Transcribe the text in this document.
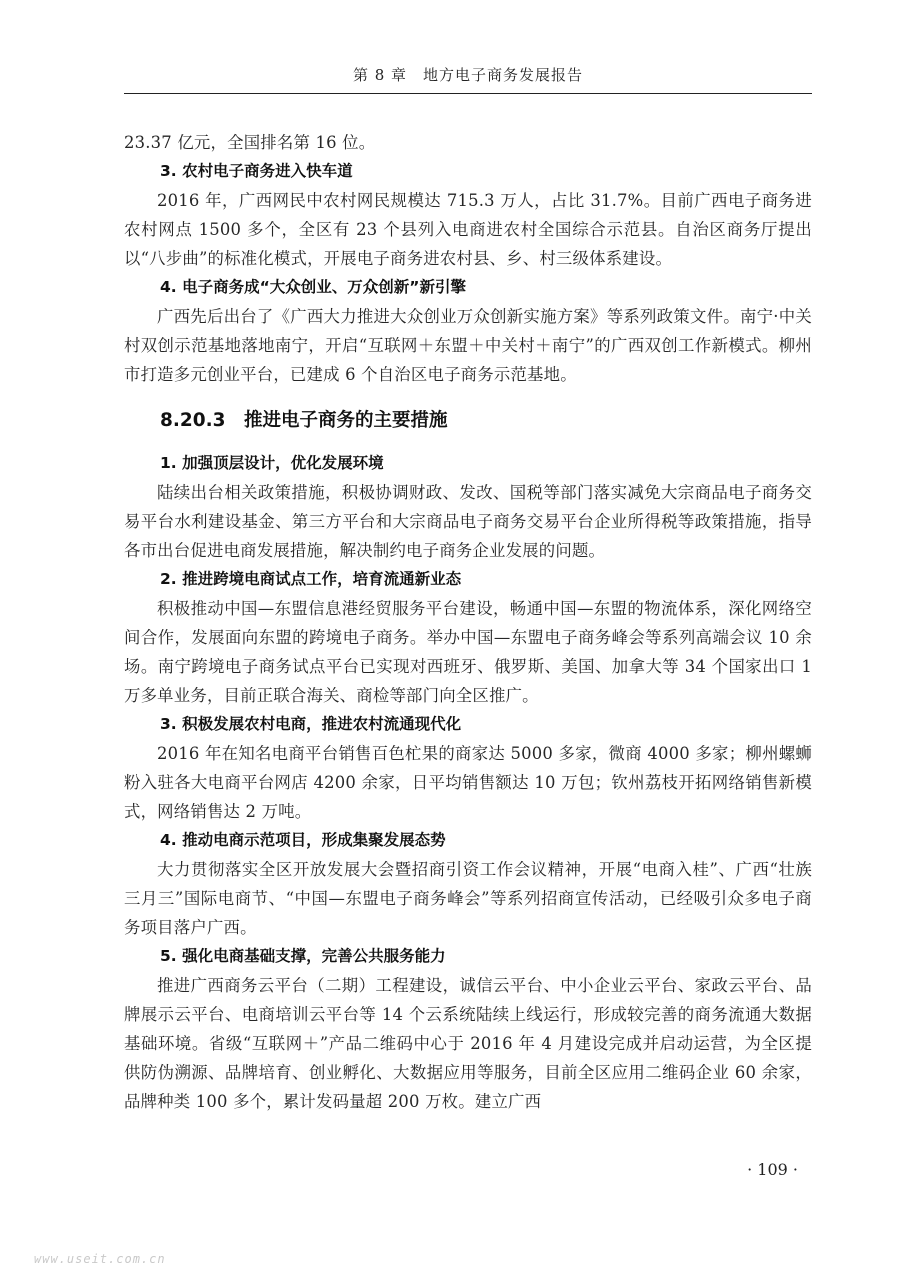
第 8 章　地方电子商务发展报告

23.37 亿元，全国排名第 16 位。

3. 农村电子商务进入快车道

2016 年，广西网民中农村网民规模达 715.3 万人，占比 31.7%。目前广西电子商务进农村网点 1500 多个，全区有 23 个县列入电商进农村全国综合示范县。自治区商务厅提出以“八步曲”的标准化模式，开展电子商务进农村县、乡、村三级体系建设。

4. 电子商务成“大众创业、万众创新”新引擎

广西先后出台了《广西大力推进大众创业万众创新实施方案》等系列政策文件。南宁·中关村双创示范基地落地南宁，开启“互联网＋东盟＋中关村＋南宁”的广西双创工作新模式。柳州市打造多元创业平台，已建成 6 个自治区电子商务示范基地。

8.20.3 推进电子商务的主要措施

1. 加强顶层设计，优化发展环境

陆续出台相关政策措施，积极协调财政、发改、国税等部门落实减免大宗商品电子商务交易平台水利建设基金、第三方平台和大宗商品电子商务交易平台企业所得税等政策措施，指导各市出台促进电商发展措施，解决制约电子商务企业发展的问题。

2. 推进跨境电商试点工作，培育流通新业态

积极推动中国—东盟信息港经贸服务平台建设，畅通中国—东盟的物流体系，深化网络空间合作，发展面向东盟的跨境电子商务。举办中国—东盟电子商务峰会等系列高端会议 10 余场。南宁跨境电子商务试点平台已实现对西班牙、俄罗斯、美国、加拿大等 34 个国家出口 1 万多单业务，目前正联合海关、商检等部门向全区推广。

3. 积极发展农村电商，推进农村流通现代化

2016 年在知名电商平台销售百色杧果的商家达 5000 多家，微商 4000 多家；柳州螺蛳粉入驻各大电商平台网店 4200 余家，日平均销售额达 10 万包；钦州荔枝开拓网络销售新模式，网络销售达 2 万吨。

4. 推动电商示范项目，形成集聚发展态势

大力贯彻落实全区开放发展大会暨招商引资工作会议精神，开展“电商入桂”、广西“壮族三月三”国际电商节、“中国—东盟电子商务峰会”等系列招商宣传活动，已经吸引众多电子商务项目落户广西。

5. 强化电商基础支撑，完善公共服务能力

推进广西商务云平台（二期）工程建设，诚信云平台、中小企业云平台、家政云平台、品牌展示云平台、电商培训云平台等 14 个云系统陆续上线运行，形成较完善的商务流通大数据基础环境。省级“互联网＋”产品二维码中心于 2016 年 4 月建设完成并启动运营，为全区提供防伪溯源、品牌培育、创业孵化、大数据应用等服务，目前全区应用二维码企业 60 余家，品牌种类 100 多个，累计发码量超 200 万枚。建立广西

· 109 ·
www.useit.com.cn
